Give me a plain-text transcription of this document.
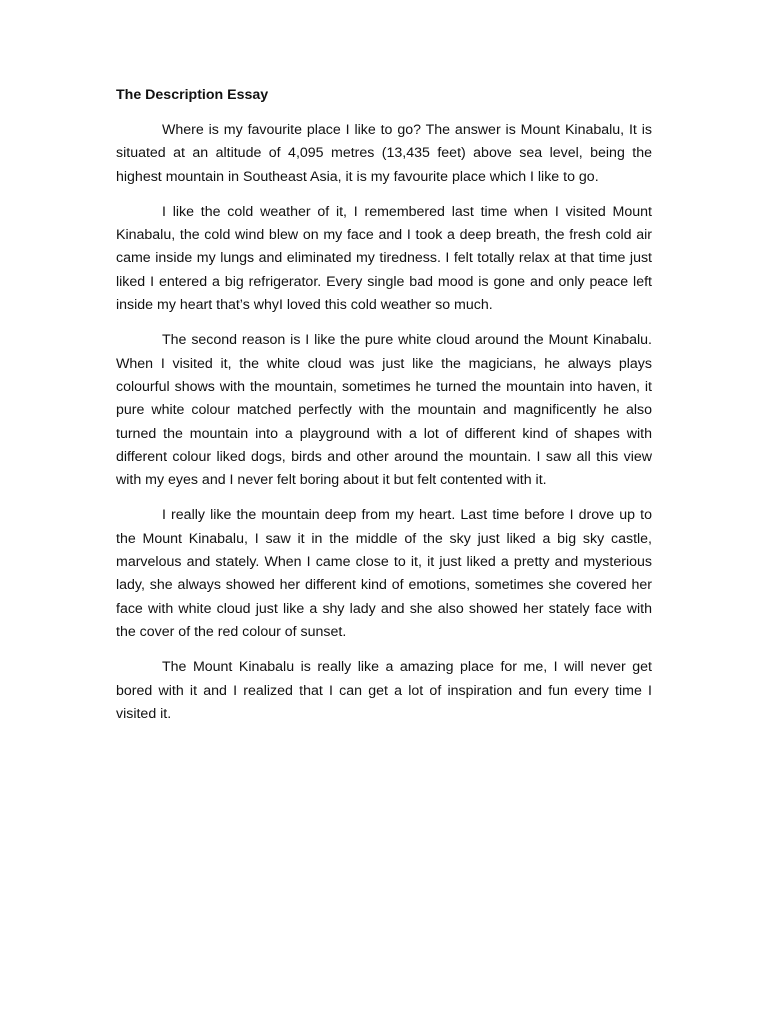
The Description Essay

Where is my favourite place I like to go? The answer is Mount Kinabalu, It is situated at an altitude of 4,095 metres (13,435 feet) above sea level, being the highest mountain in Southeast Asia, it is my favourite place which I like to go.

I like the cold weather of it, I remembered last time when I visited Mount Kinabalu, the cold wind blew on my face and I took a deep breath, the fresh cold air came inside my lungs and eliminated my tiredness. I felt totally relax at that time just liked I entered a big refrigerator. Every single bad mood is gone and only peace left inside my heart that’s whyI loved this cold weather so much.

The second reason is I like the pure white cloud around the Mount Kinabalu. When I visited it, the white cloud was just like the magicians, he always plays colourful shows with the mountain, sometimes he turned the mountain into haven, it pure white colour matched perfectly with the mountain and magnificently he also turned the mountain into a playground with a lot of different kind of shapes with different colour liked dogs, birds and other around the mountain. I saw all this view with my eyes and I never felt boring about it but felt contented with it.

I really like the mountain deep from my heart. Last time before I drove up to the Mount Kinabalu, I saw it in the middle of the sky just liked a big sky castle, marvelous and stately. When I came close to it, it just liked a pretty and mysterious lady, she always showed her different kind of emotions, sometimes she covered her face with white cloud just like a shy lady and she also showed her stately face with the cover of the red colour of sunset.

The Mount Kinabalu is really like a amazing place for me, I will never get bored with it and I realized that I can get a lot of inspiration and fun every time I visited it.
